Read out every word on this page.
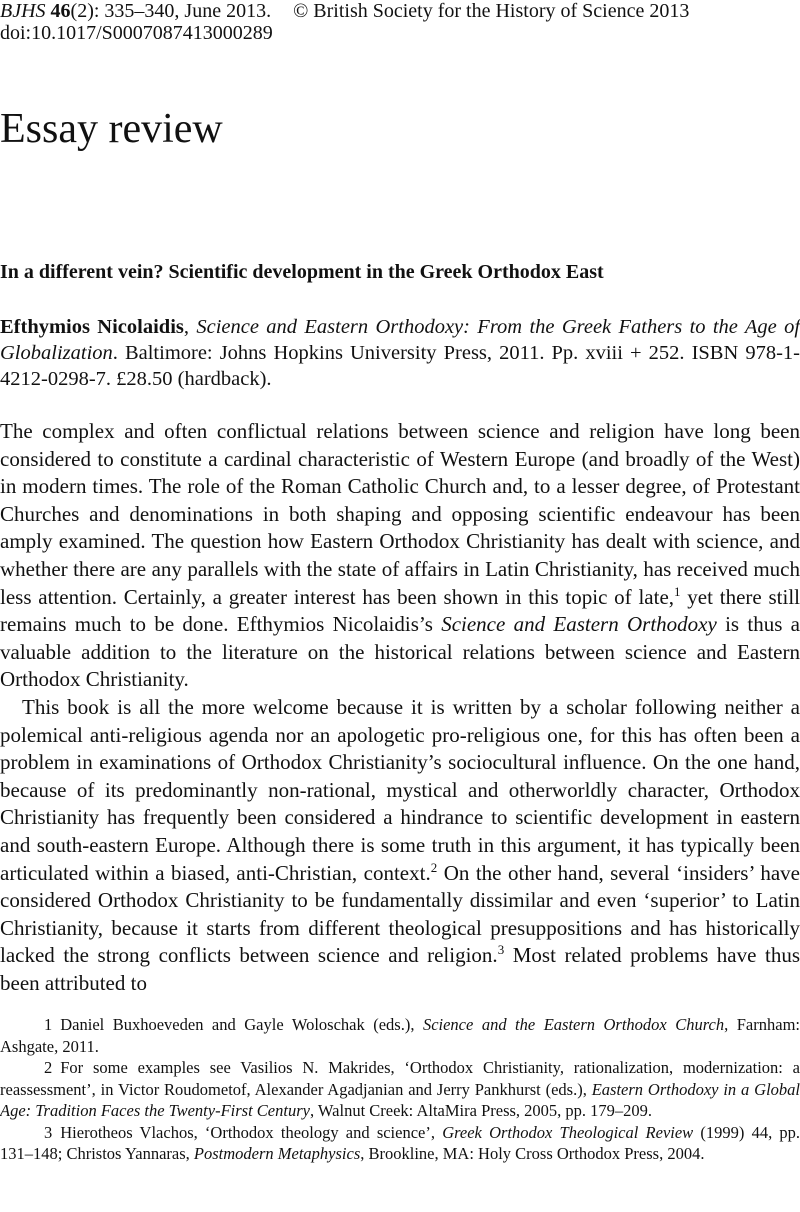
BJHS 46(2): 335–340, June 2013. © British Society for the History of Science 2013
doi:10.1017/S0007087413000289
Essay review
In a different vein? Scientific development in the Greek Orthodox East

Efthymios Nicolaidis, Science and Eastern Orthodoxy: From the Greek Fathers to the Age of Globalization. Baltimore: Johns Hopkins University Press, 2011. Pp. xviii + 252. ISBN 978-1-4212-0298-7. £28.50 (hardback).

The complex and often conflictual relations between science and religion have long been considered to constitute a cardinal characteristic of Western Europe (and broadly of the West) in modern times. The role of the Roman Catholic Church and, to a lesser degree, of Protestant Churches and denominations in both shaping and opposing scientific endeavour has been amply examined. The question how Eastern Orthodox Christianity has dealt with science, and whether there are any parallels with the state of affairs in Latin Christianity, has received much less attention. Certainly, a greater interest has been shown in this topic of late,$^1$ yet there still remains much to be done. Efthymios Nicolaidis’s Science and Eastern Orthodoxy is thus a valuable addition to the literature on the historical relations between science and Eastern Orthodox Christianity.

This book is all the more welcome because it is written by a scholar following neither a polemical anti-religious agenda nor an apologetic pro-religious one, for this has often been a problem in examinations of Orthodox Christianity’s sociocultural influence. On the one hand, because of its predominantly non-rational, mystical and otherworldly character, Orthodox Christianity has frequently been considered a hindrance to scientific development in eastern and south-eastern Europe. Although there is some truth in this argument, it has typically been articulated within a biased, anti-Christian, context.$^2$ On the other hand, several ‘insiders’ have considered Orthodox Christianity to be fundamentally dissimilar and even ‘superior’ to Latin Christianity, because it starts from different theological presuppositions and has historically lacked the strong conflicts between science and religion.$^3$ Most related problems have thus been attributed to

1 Daniel Buxhoeveden and Gayle Woloschak (eds.), Science and the Eastern Orthodox Church, Farnham: Ashgate, 2011.

2 For some examples see Vasilios N. Makrides, ‘Orthodox Christianity, rationalization, modernization: a reassessment’, in Victor Roudometof, Alexander Agadjanian and Jerry Pankhurst (eds.), Eastern Orthodoxy in a Global Age: Tradition Faces the Twenty-First Century, Walnut Creek: AltaMira Press, 2005, pp. 179–209.

3 Hierotheos Vlachos, ‘Orthodox theology and science’, Greek Orthodox Theological Review (1999) 44, pp. 131–148; Christos Yannaras, Postmodern Metaphysics, Brookline, MA: Holy Cross Orthodox Press, 2004.
